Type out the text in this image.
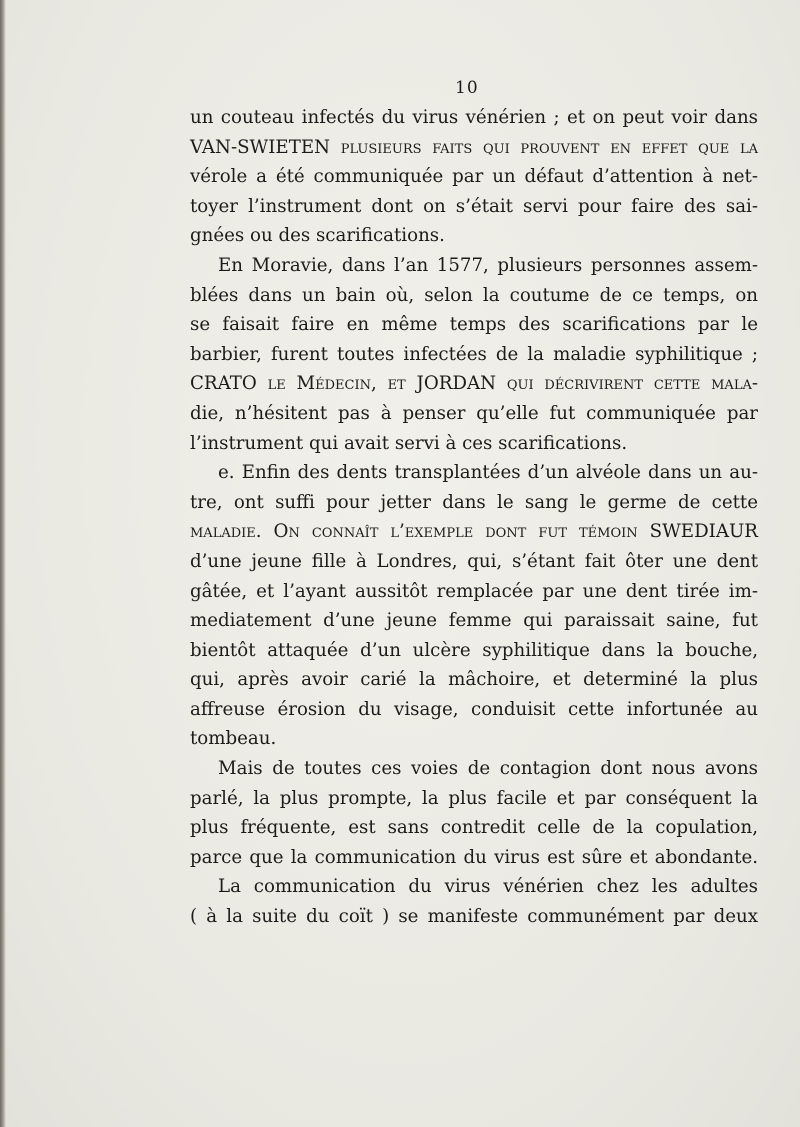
10
un couteau infectés du virus vénérien ; et on peut voir dans
VAN-SWIETEN plusieurs faits qui prouvent en effet que la
vérole a été communiquée par un défaut d’attention à net-
toyer l’instrument dont on s’était servi pour faire des sai-
gnées ou des scarifications.
En Moravie, dans l’an 1577, plusieurs personnes assem-
blées dans un bain où, selon la coutume de ce temps, on
se faisait faire en même temps des scarifications par le
barbier, furent toutes infectées de la maladie syphilitique ;
CRATO le Médecin, et JORDAN qui décrivirent cette mala-
die, n’hésitent pas à penser qu’elle fut communiquée par
l’instrument qui avait servi à ces scarifications.
e. Enfin des dents transplantées d’un alvéole dans un au-
tre, ont suffi pour jetter dans le sang le germe de cette
maladie. On connaît l’exemple dont fut témoin SWEDIAUR
d’une jeune fille à Londres, qui, s’étant fait ôter une dent
gâtée, et l’ayant aussitôt remplacée par une dent tirée im-
mediatement d’une jeune femme qui paraissait saine, fut
bientôt attaquée d’un ulcère syphilitique dans la bouche,
qui, après avoir carié la mâchoire, et determiné la plus
affreuse érosion du visage, conduisit cette infortunée au
tombeau.
Mais de toutes ces voies de contagion dont nous avons
parlé, la plus prompte, la plus facile et par conséquent la
plus fréquente, est sans contredit celle de la copulation,
parce que la communication du virus est sûre et abondante.
La communication du virus vénérien chez les adultes
( à la suite du coït ) se manifeste communément par deux
